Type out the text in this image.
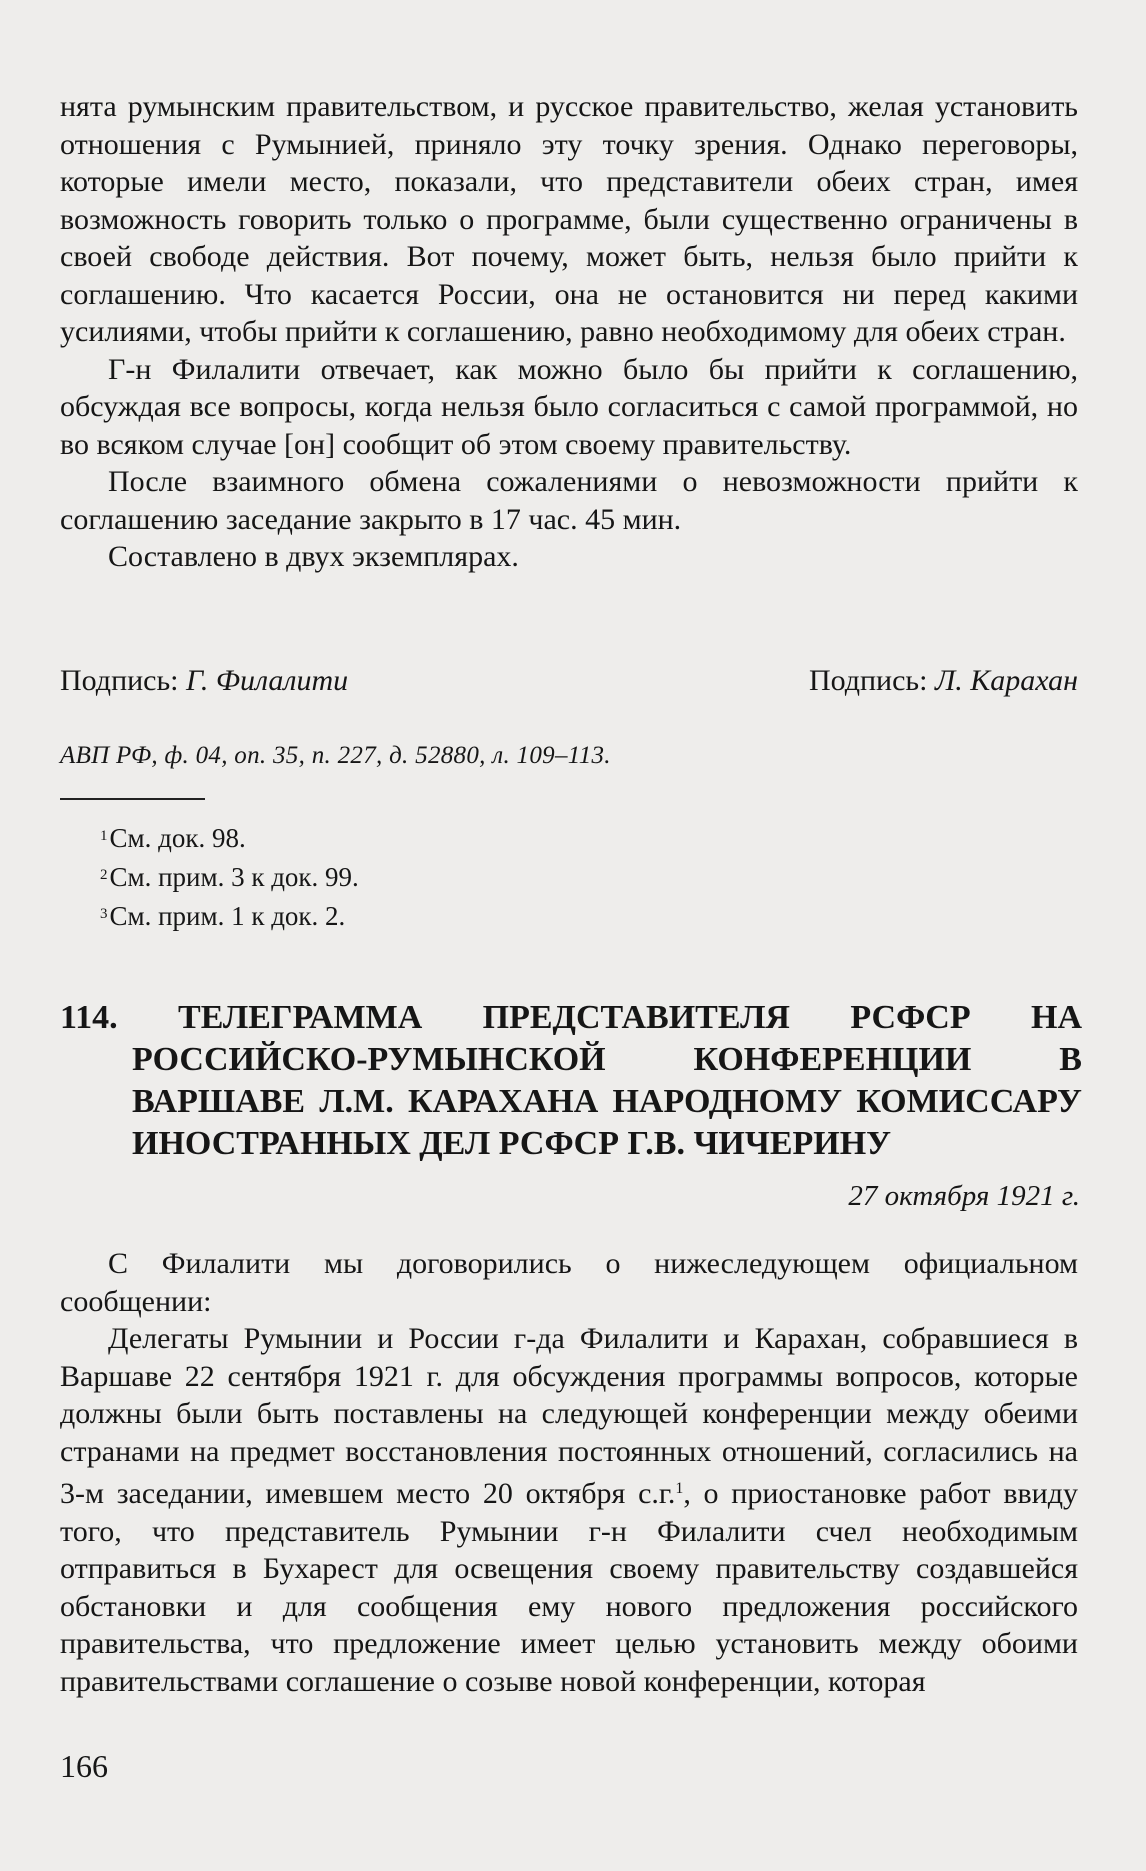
нята румынским правительством, и русское правительство, желая установить отношения с Румынией, приняло эту точку зрения. Однако переговоры, которые имели место, показали, что представители обеих стран, имея возможность говорить только о программе, были существенно ограничены в своей свободе действия. Вот почему, может быть, нельзя было прийти к соглашению. Что касается России, она не остановится ни перед какими усилиями, чтобы прийти к соглашению, равно необходимому для обеих стран.

Г-н Филалити отвечает, как можно было бы прийти к соглашению, обсуждая все вопросы, когда нельзя было согласиться с самой программой, но во всяком случае [он] сообщит об этом своему правительству.

После взаимного обмена сожалениями о невозможности прийти к соглашению заседание закрыто в 17 час. 45 мин.

Составлено в двух экземплярах.

Подпись: Г. Филалити	Подпись: Л. Карахан
АВП РФ, ф. 04, оп. 35, п. 227, д. 52880, л. 109–113.
$^1$См. док. 98.
$^2$См. прим. 3 к док. 99.
$^3$См. прим. 1 к док. 2.
114. ТЕЛЕГРАММА ПРЕДСТАВИТЕЛЯ РСФСР НА РОССИЙСКО-РУМЫНСКОЙ КОНФЕРЕНЦИИ В ВАРШАВЕ Л.М. КАРАХАНА НАРОДНОМУ КОМИССАРУ ИНОСТРАННЫХ ДЕЛ РСФСР Г.В. ЧИЧЕРИНУ
27 октября 1921 г.

С Филалити мы договорились о нижеследующем официальном сообщении:

Делегаты Румынии и России г-да Филалити и Карахан, собравшиеся в Варшаве 22 сентября 1921 г. для обсуждения программы вопросов, которые должны были быть поставлены на следующей конференции между обеими странами на предмет восстановления постоянных отношений, согласились на 3-м заседании, имевшем место 20 октября с.г.$^1$, о приостановке работ ввиду того, что представитель Румынии г-н Филалити счел необходимым отправиться в Бухарест для освещения своему правительству создавшейся обстановки и для сообщения ему нового предложения российского правительства, что предложение имеет целью установить между обоими правительствами соглашение о созыве новой конференции, которая

166
